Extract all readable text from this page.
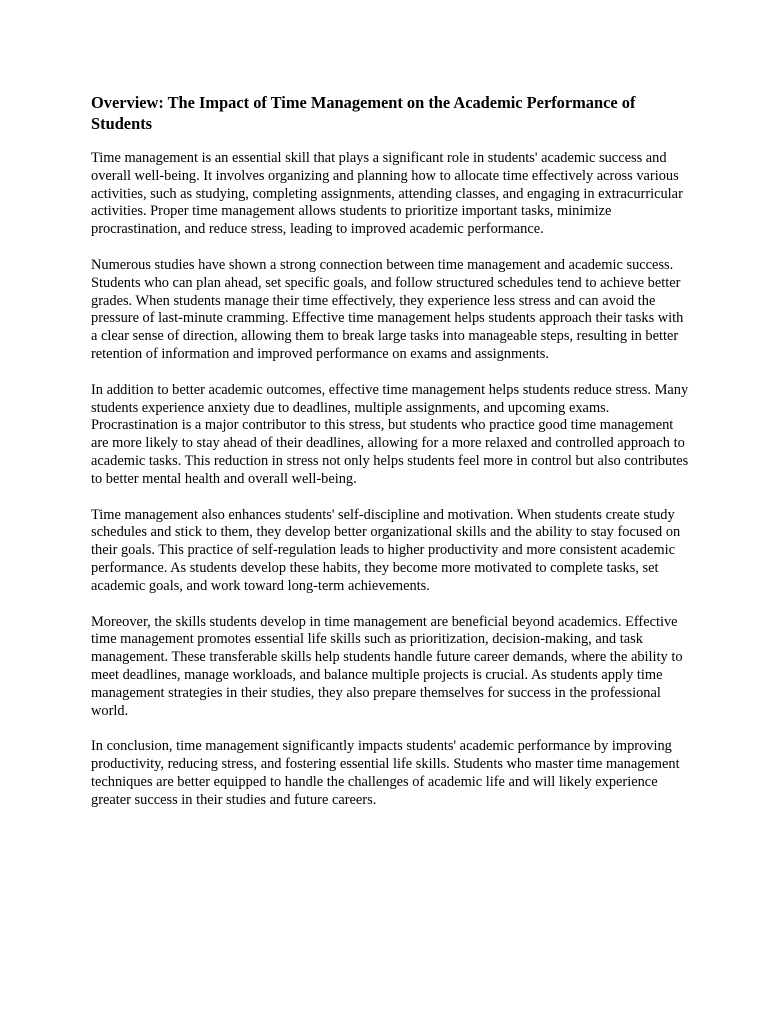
Overview: The Impact of Time Management on the Academic Performance of Students

Time management is an essential skill that plays a significant role in students' academic success and overall well-being. It involves organizing and planning how to allocate time effectively across various activities, such as studying, completing assignments, attending classes, and engaging in extracurricular activities. Proper time management allows students to prioritize important tasks, minimize procrastination, and reduce stress, leading to improved academic performance.

Numerous studies have shown a strong connection between time management and academic success. Students who can plan ahead, set specific goals, and follow structured schedules tend to achieve better grades. When students manage their time effectively, they experience less stress and can avoid the pressure of last-minute cramming. Effective time management helps students approach their tasks with a clear sense of direction, allowing them to break large tasks into manageable steps, resulting in better retention of information and improved performance on exams and assignments.

In addition to better academic outcomes, effective time management helps students reduce stress. Many students experience anxiety due to deadlines, multiple assignments, and upcoming exams. Procrastination is a major contributor to this stress, but students who practice good time management are more likely to stay ahead of their deadlines, allowing for a more relaxed and controlled approach to academic tasks. This reduction in stress not only helps students feel more in control but also contributes to better mental health and overall well-being.

Time management also enhances students' self-discipline and motivation. When students create study schedules and stick to them, they develop better organizational skills and the ability to stay focused on their goals. This practice of self-regulation leads to higher productivity and more consistent academic performance. As students develop these habits, they become more motivated to complete tasks, set academic goals, and work toward long-term achievements.

Moreover, the skills students develop in time management are beneficial beyond academics. Effective time management promotes essential life skills such as prioritization, decision-making, and task management. These transferable skills help students handle future career demands, where the ability to meet deadlines, manage workloads, and balance multiple projects is crucial. As students apply time management strategies in their studies, they also prepare themselves for success in the professional world.

In conclusion, time management significantly impacts students' academic performance by improving productivity, reducing stress, and fostering essential life skills. Students who master time management techniques are better equipped to handle the challenges of academic life and will likely experience greater success in their studies and future careers.
